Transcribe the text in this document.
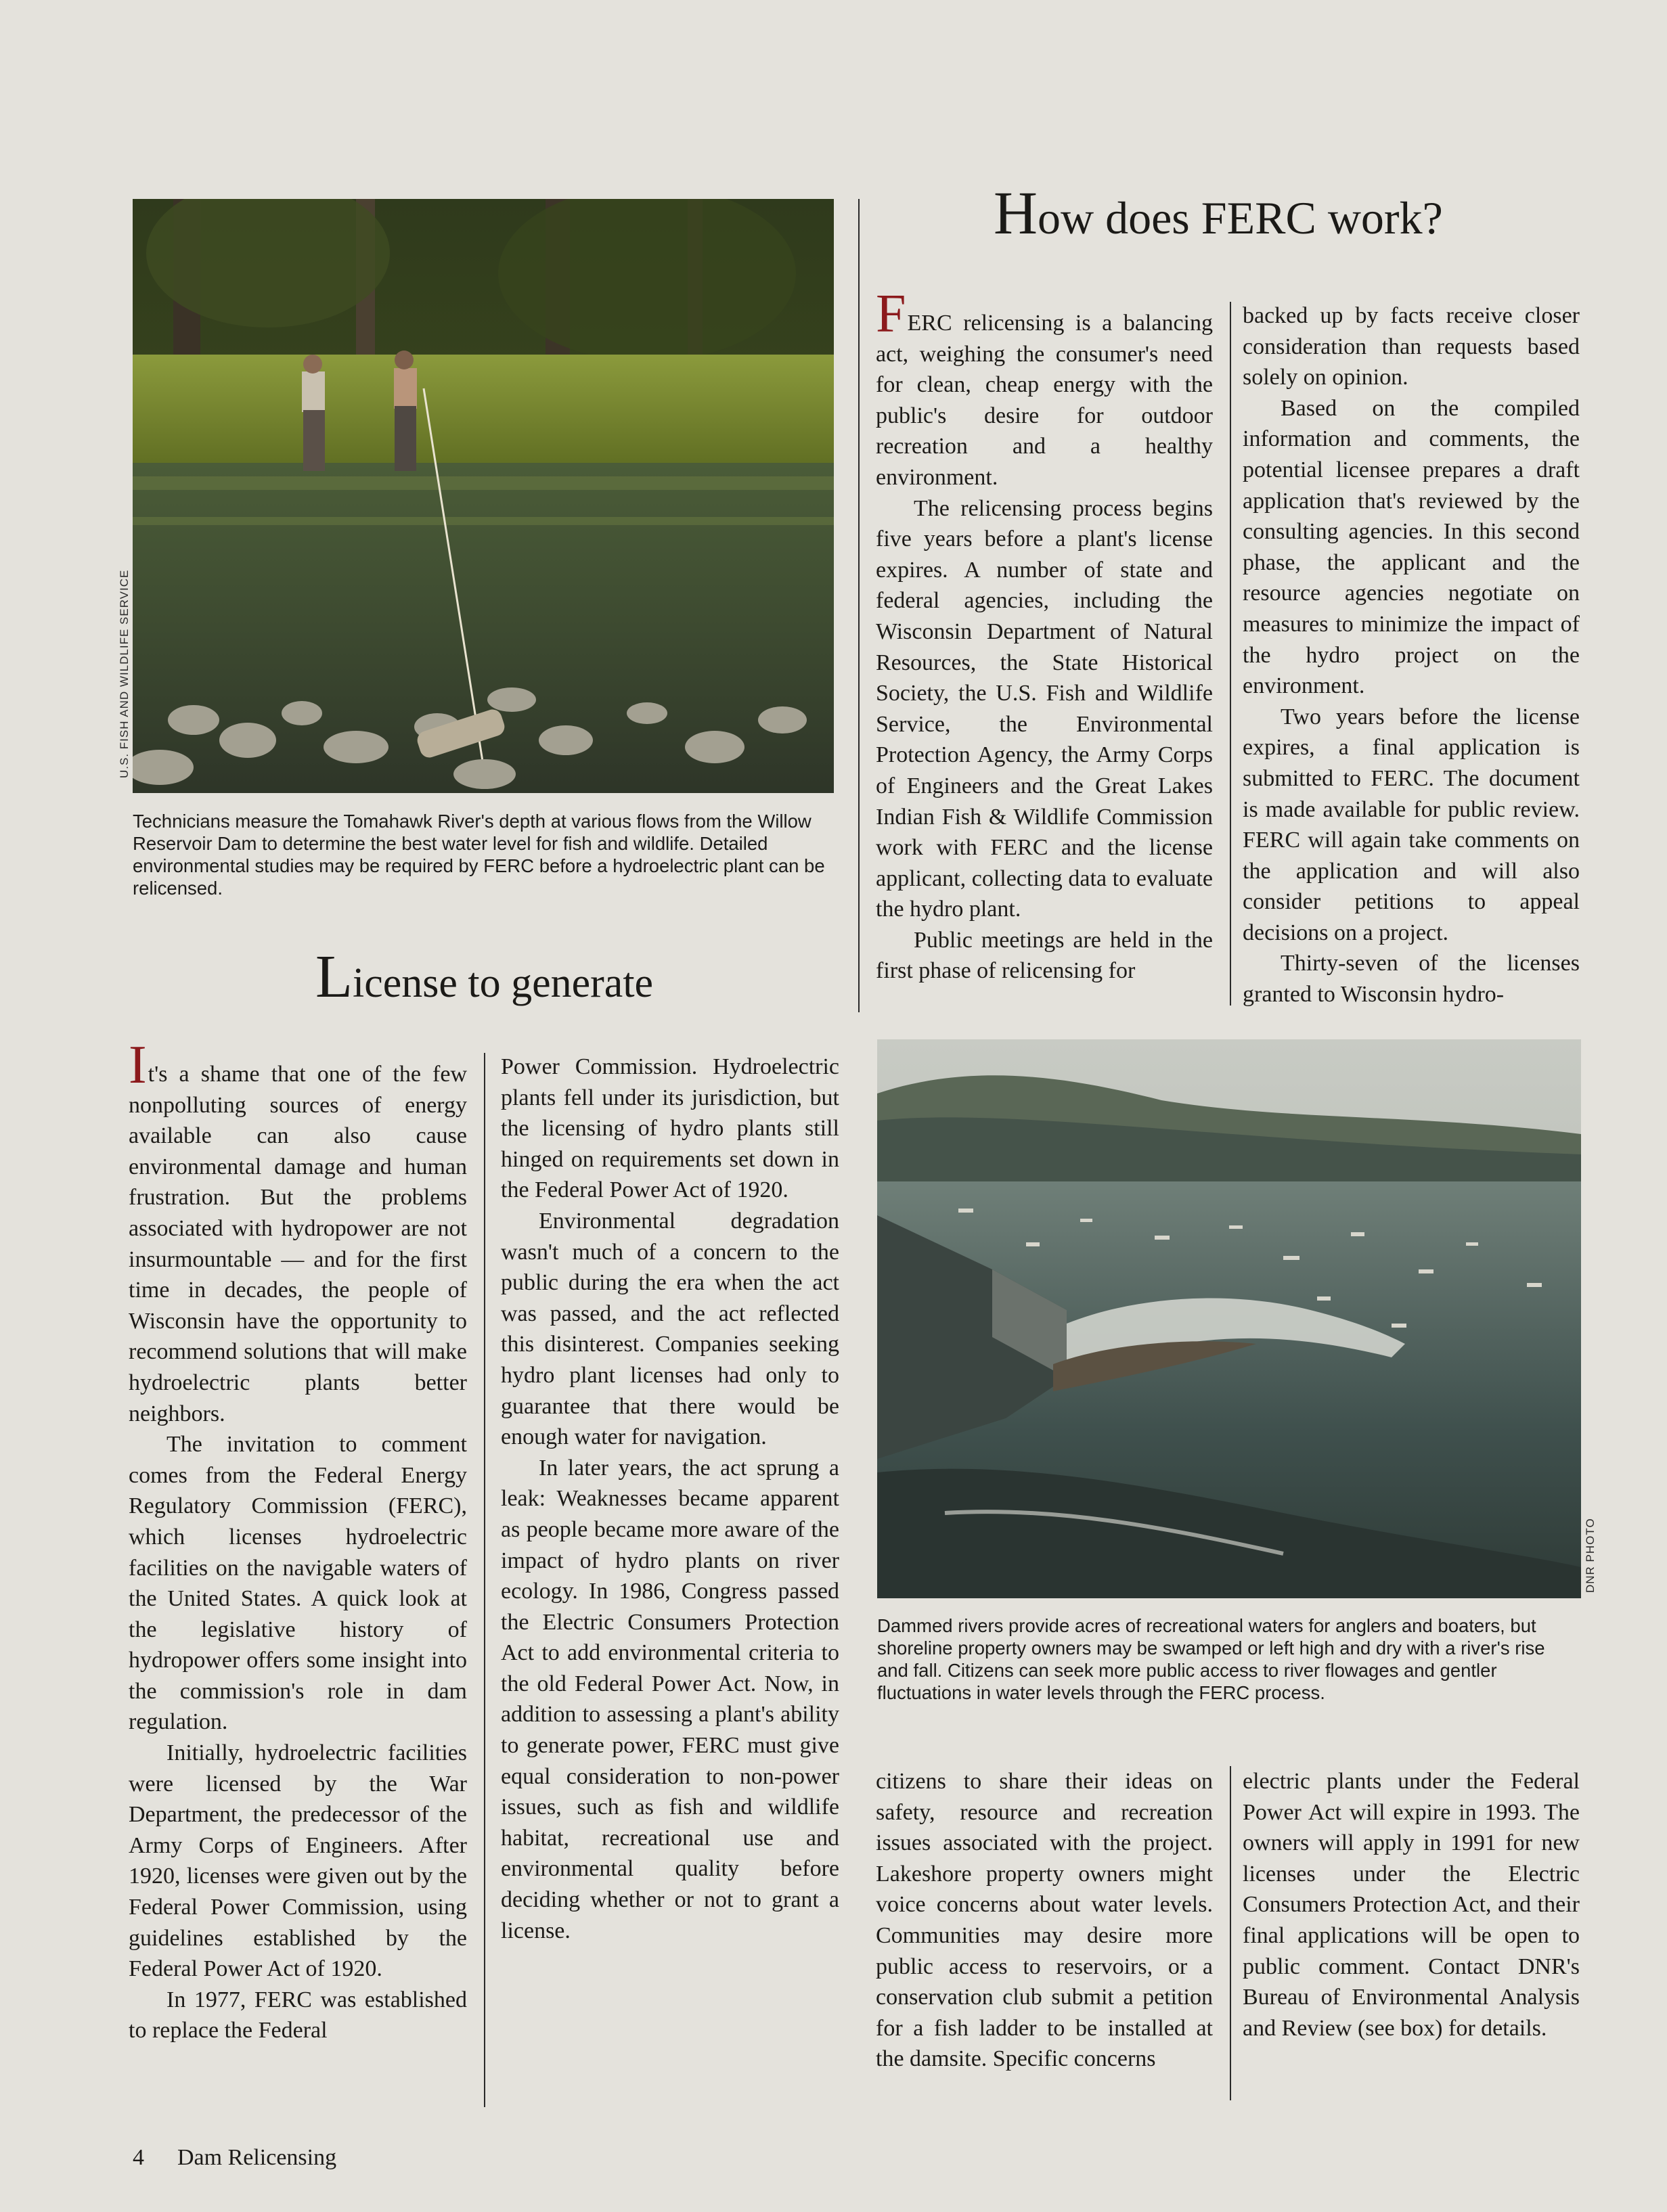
U.S. FISH AND WILDLIFE SERVICE
Technicians measure the Tomahawk River's depth at various flows from the Willow Reservoir Dam to determine the best water level for fish and wildlife. Detailed environmental studies may be required by FERC before a hydroelectric plant can be relicensed.
License to generate

It's a shame that one of the few nonpolluting sources of energy available can also cause environmental damage and human frustration. But the problems associated with hydropower are not insurmountable — and for the first time in decades, the people of Wisconsin have the opportunity to recommend solutions that will make hydroelectric plants better neighbors.

The invitation to comment comes from the Federal Energy Regulatory Commission (FERC), which licenses hydroelectric facilities on the navigable waters of the United States. A quick look at the legislative history of hydropower offers some insight into the commission's role in dam regulation.

Initially, hydroelectric facilities were licensed by the War Department, the predecessor of the Army Corps of Engineers. After 1920, licenses were given out by the Federal Power Commission, using guidelines established by the Federal Power Act of 1920.

In 1977, FERC was established to replace the Federal

Power Commission. Hydroelectric plants fell under its jurisdiction, but the licensing of hydro plants still hinged on requirements set down in the Federal Power Act of 1920.

Environmental degradation wasn't much of a concern to the public during the era when the act was passed, and the act reflected this disinterest. Companies seeking hydro plant licenses had only to guarantee that there would be enough water for navigation.

In later years, the act sprung a leak: Weaknesses became apparent as people became more aware of the impact of hydro plants on river ecology. In 1986, Congress passed the Electric Consumers Protection Act to add environmental criteria to the old Federal Power Act. Now, in addition to assessing a plant's ability to generate power, FERC must give equal consideration to non-power issues, such as fish and wildlife habitat, recreational use and environmental quality before deciding whether or not to grant a license.

How does FERC work?

FERC relicensing is a balancing act, weighing the consumer's need for clean, cheap energy with the public's desire for outdoor recreation and a healthy environment.

The relicensing process begins five years before a plant's license expires. A number of state and federal agencies, including the Wisconsin Department of Natural Resources, the State Historical Society, the U.S. Fish and Wildlife Service, the Environmental Protection Agency, the Army Corps of Engineers and the Great Lakes Indian Fish & Wildlife Commission work with FERC and the license applicant, collecting data to evaluate the hydro plant.

Public meetings are held in the first phase of relicensing for

backed up by facts receive closer consideration than requests based solely on opinion.

Based on the compiled information and comments, the potential licensee prepares a draft application that's reviewed by the consulting agencies. In this second phase, the applicant and the resource agencies negotiate on measures to minimize the impact of the hydro project on the environment.

Two years before the license expires, a final application is submitted to FERC. The document is made available for public review. FERC will again take comments on the application and will also consider petitions to appeal decisions on a project.

Thirty-seven of the licenses granted to Wisconsin hydro-

DNR PHOTO
Dammed rivers provide acres of recreational waters for anglers and boaters, but shoreline property owners may be swamped or left high and dry with a river's rise and fall. Citizens can seek more public access to river flowages and gentler fluctuations in water levels through the FERC process.

citizens to share their ideas on safety, resource and recreation issues associated with the project. Lakeshore property owners might voice concerns about water levels. Communities may desire more public access to reservoirs, or a conservation club submit a petition for a fish ladder to be installed at the damsite. Specific concerns

electric plants under the Federal Power Act will expire in 1993. The owners will apply in 1991 for new licenses under the Electric Consumers Protection Act, and their final applications will be open to public comment. Contact DNR's Bureau of Environmental Analysis and Review (see box) for details.

4 Dam Relicensing
